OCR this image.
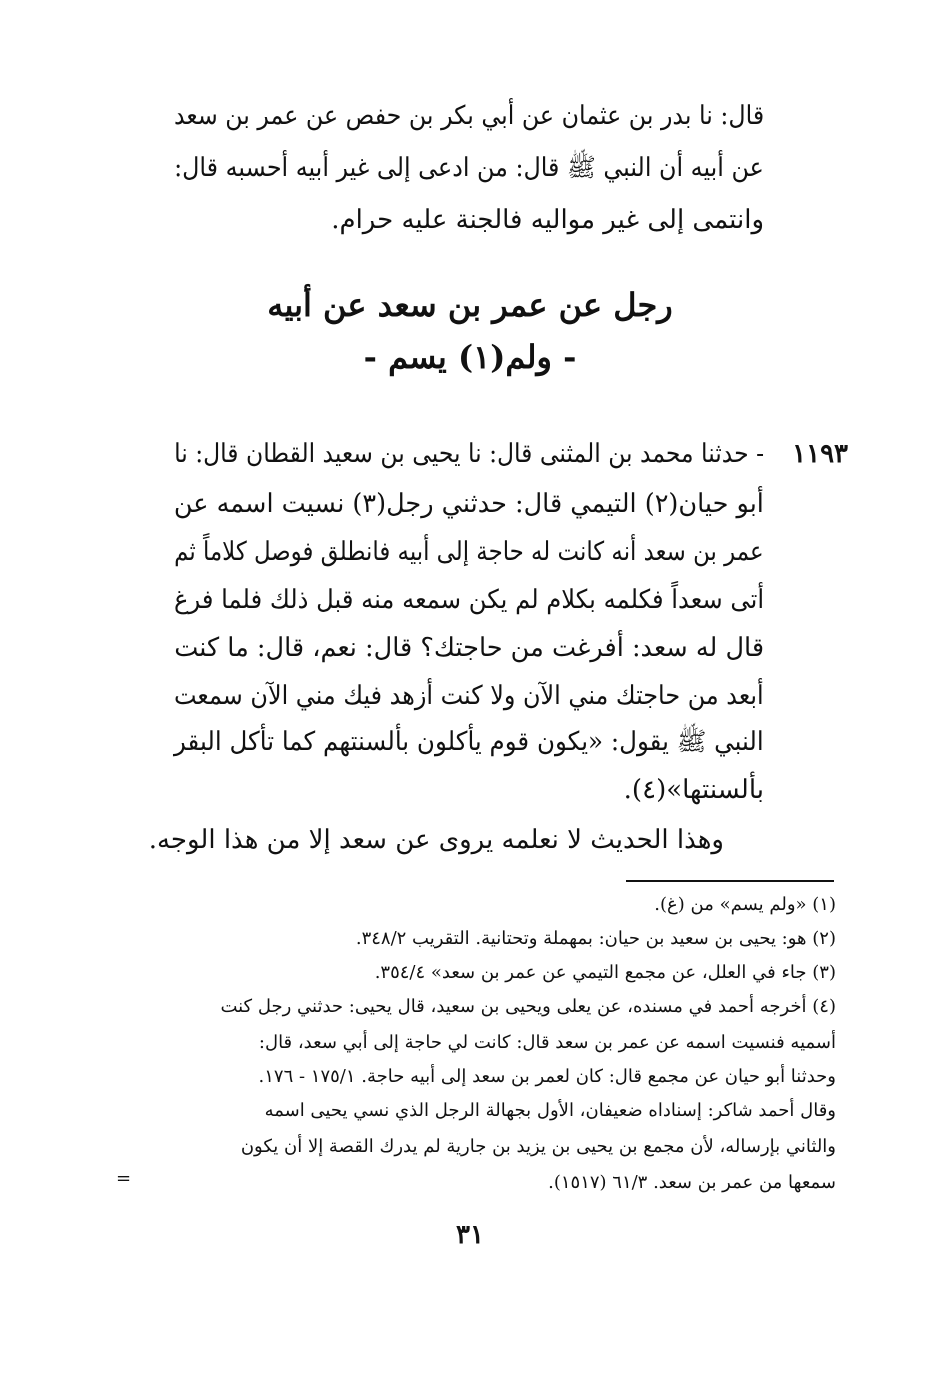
قال: نا بدر بن عثمان عن أبي بكر بن حفص عن عمر بن سعد
عن أبيه أن النبي ﷺ قال: من ادعى إلى غير أبيه أحسبه قال:
وانتمى إلى غير مواليه فالجنة عليه حرام.
رجل عن عمر بن سعد عن أبيه
- ولم(١) يسم -
١١٩٣
- حدثنا محمد بن المثنى قال: نا يحيى بن سعيد القطان قال: نا
أبو حيان(٢) التيمي قال: حدثني رجل(٣) نسيت اسمه عن
عمر بن سعد أنه كانت له حاجة إلى أبيه فانطلق فوصل كلاماً ثم
أتى سعداً فكلمه بكلام لم يكن سمعه منه قبل ذلك فلما فرغ
قال له سعد: أفرغت من حاجتك؟ قال: نعم، قال: ما كنت
أبعد من حاجتك مني الآن ولا كنت أزهد فيك مني الآن سمعت
النبي ﷺ يقول: «يكون قوم يأكلون بألسنتهم كما تأكل البقر
بألسنتها»(٤).
وهذا الحديث لا نعلمه يروى عن سعد إلا من هذا الوجه.
(١) «ولم يسم» من (غ).
(٢) هو: يحيى بن سعيد بن حيان: بمهملة وتحتانية. التقريب ٣٤٨/٢.
(٣) جاء في العلل، عن مجمع التيمي عن عمر بن سعد» ٣٥٤/٤.
(٤) أخرجه أحمد في مسنده، عن يعلى ويحيى بن سعيد، قال يحيى: حدثني رجل كنت
أسميه فنسيت اسمه عن عمر بن سعد قال: كانت لي حاجة إلى أبي سعد، قال:
وحدثنا أبو حيان عن مجمع قال: كان لعمر بن سعد إلى أبيه حاجة. ١٧٥/١ - ١٧٦.
وقال أحمد شاكر: إسناداه ضعيفان، الأول بجهالة الرجل الذي نسي يحيى اسمه
والثاني بإرساله، لأن مجمع بن يحيى بن يزيد بن جارية لم يدرك القصة إلا أن يكون
سمعها من عمر بن سعد. ٦١/٣ (١٥١٧).
=
٣١
